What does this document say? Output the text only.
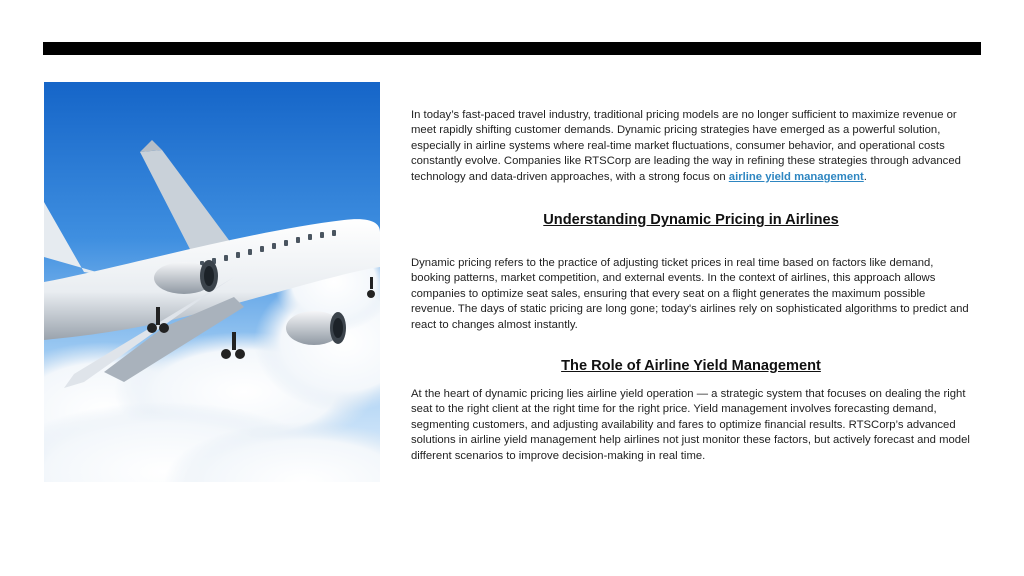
In today’s fast-paced travel industry, traditional pricing models are no longer sufficient to maximize revenue or meet rapidly shifting customer demands. Dynamic pricing strategies have emerged as a powerful solution, especially in airline systems where real-time market fluctuations, consumer behavior, and operational costs constantly evolve. Companies like RTSCorp are leading the way in refining these strategies through advanced technology and data-driven approaches, with a strong focus on airline yield management.

Understanding Dynamic Pricing in Airlines

Dynamic pricing refers to the practice of adjusting ticket prices in real time based on factors like demand, booking patterns, market competition, and external events. In the context of airlines, this approach allows companies to optimize seat sales, ensuring that every seat on a flight generates the maximum possible revenue. The days of static pricing are long gone; today's airlines rely on sophisticated algorithms to predict and react to changes almost instantly.

The Role of Airline Yield Management

At the heart of dynamic pricing lies airline yield operation — a strategic system that focuses on dealing the right seat to the right client at the right time for the right price. Yield management involves forecasting demand, segmenting customers, and adjusting availability and fares to optimize financial results. RTSCorp’s advanced solutions in airline yield management help airlines not just monitor these factors, but actively forecast and model different scenarios to improve decision-making in real time.
